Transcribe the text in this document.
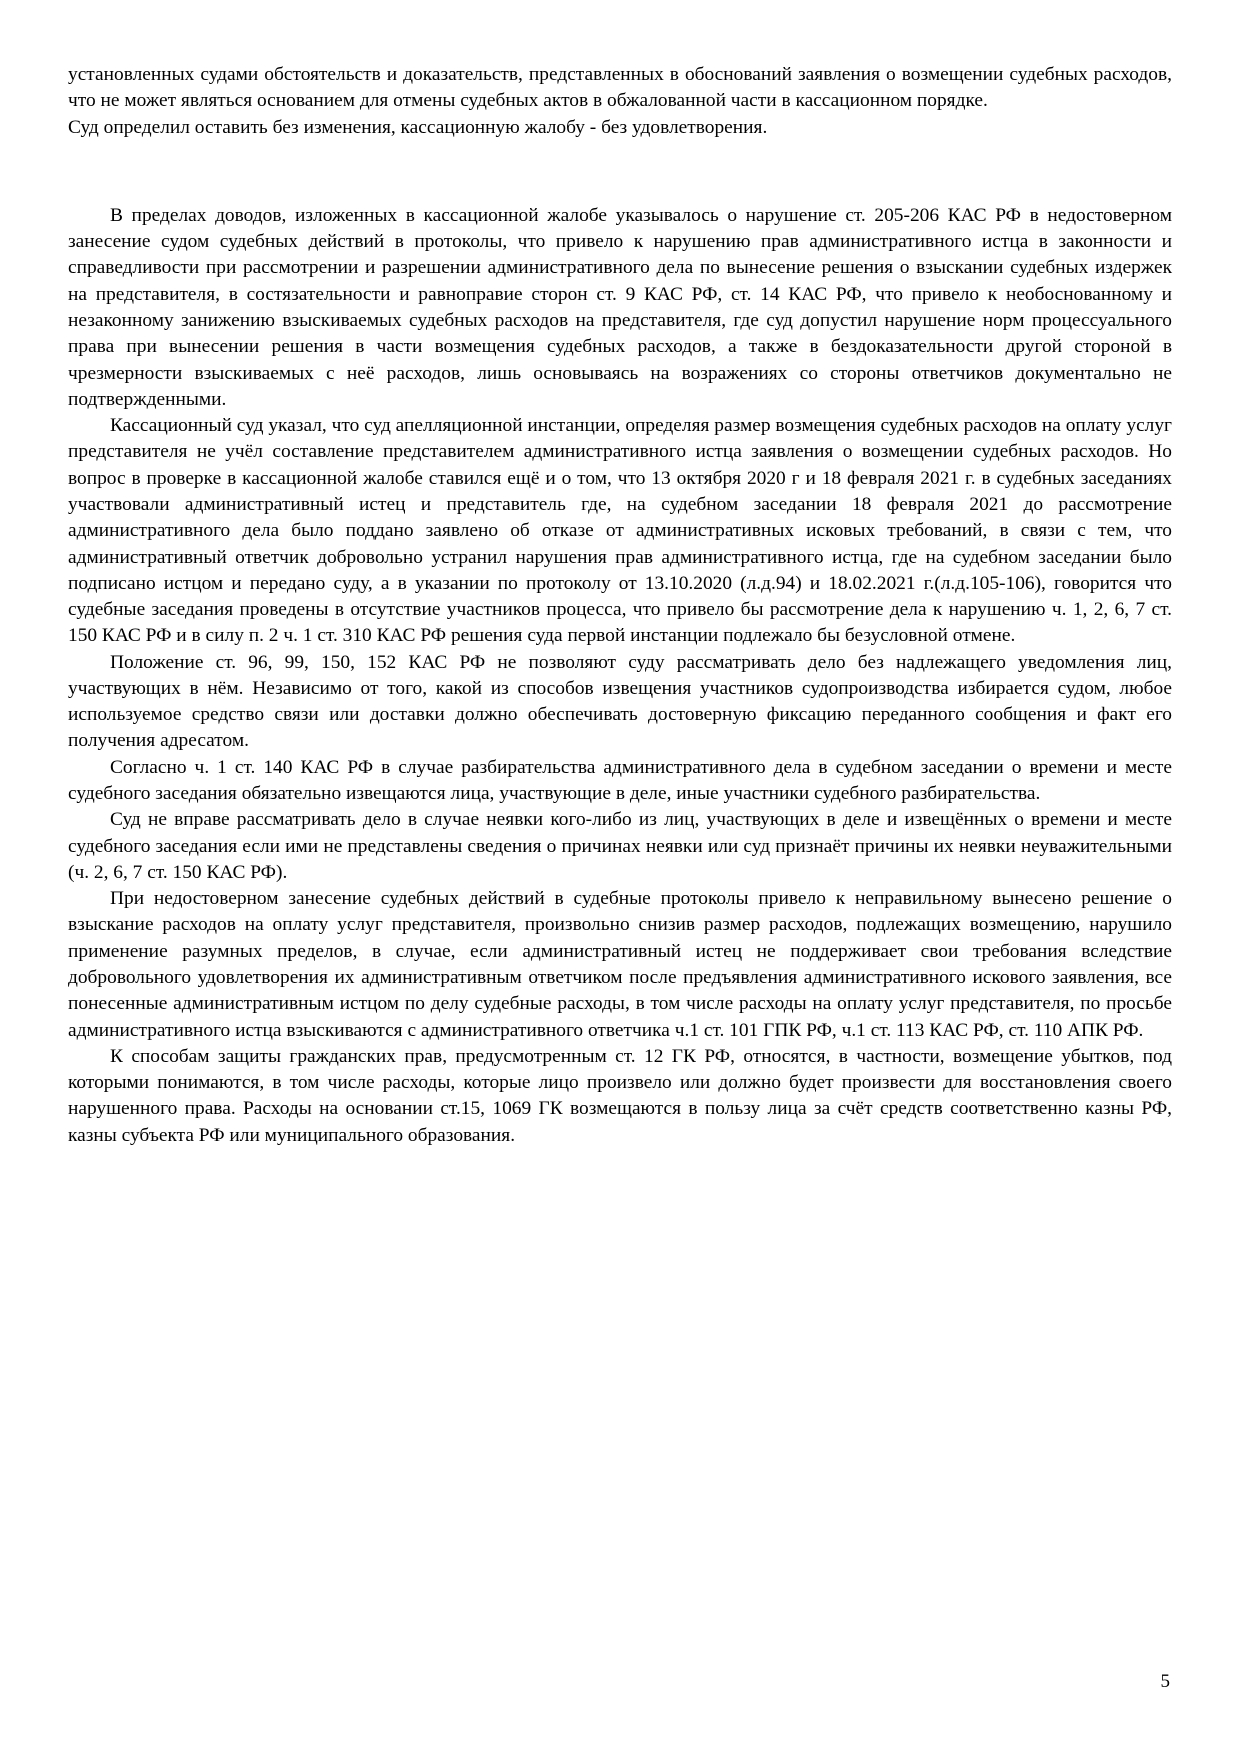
установленных судами обстоятельств и доказательств, представленных в обоснований заявления о возмещении судебных расходов, что не может являться основанием для отмены судебных актов в обжалованной части в кассационном порядке.

Суд определил оставить без изменения, кассационную жалобу - без удовлетворения.

В пределах доводов, изложенных в кассационной жалобе указывалось о нарушение ст. 205-206 КАС РФ в недостоверном занесение судом судебных действий в протоколы, что привело к нарушению прав административного истца в законности и справедливости при рассмотрении и разрешении административного дела по вынесение решения о взыскании судебных издержек на представителя, в состязательности и равноправие сторон ст. 9 КАС РФ, ст. 14 КАС РФ, что привело к необоснованному и незаконному занижению взыскиваемых судебных расходов на представителя, где суд допустил нарушение норм процессуального права при вынесении решения в части возмещения судебных расходов, а также в бездоказательности другой стороной в чрезмерности взыскиваемых с неё расходов, лишь основываясь на возражениях со стороны ответчиков документально не подтвержденными.

Кассационный суд указал, что суд апелляционной инстанции, определяя размер возмещения судебных расходов на оплату услуг представителя не учёл составление представителем административного истца заявления о возмещении судебных расходов. Но вопрос в проверке в кассационной жалобе ставился ещё и о том, что 13 октября 2020 г и 18 февраля 2021 г. в судебных заседаниях участвовали административный истец и представитель где, на судебном заседании 18 февраля 2021 до рассмотрение административного дела было поддано заявлено об отказе от административных исковых требований, в связи с тем, что административный ответчик добровольно устранил нарушения прав административного истца, где на судебном заседании было подписано истцом и передано суду, а в указании по протоколу от 13.10.2020 (л.д.94) и 18.02.2021 г.(л.д.105-106), говорится что судебные заседания проведены в отсутствие участников процесса, что привело бы рассмотрение дела к нарушению ч. 1, 2, 6, 7 ст. 150 КАС РФ и в силу п. 2 ч. 1 ст. 310 КАС РФ решения суда первой инстанции подлежало бы безусловной отмене.

Положение ст. 96, 99, 150, 152 КАС РФ не позволяют суду рассматривать дело без надлежащего уведомления лиц, участвующих в нём. Независимо от того, какой из способов извещения участников судопроизводства избирается судом, любое используемое средство связи или доставки должно обеспечивать достоверную фиксацию переданного сообщения и факт его получения адресатом.

Согласно ч. 1 ст. 140 КАС РФ в случае разбирательства административного дела в судебном заседании о времени и месте судебного заседания обязательно извещаются лица, участвующие в деле, иные участники судебного разбирательства.

Суд не вправе рассматривать дело в случае неявки кого-либо из лиц, участвующих в деле и извещённых о времени и месте судебного заседания если ими не представлены сведения о причинах неявки или суд признаёт причины их неявки неуважительными (ч. 2, 6, 7 ст. 150 КАС РФ).

При недостоверном занесение судебных действий в судебные протоколы привело к неправильному вынесено решение о взыскание расходов на оплату услуг представителя, произвольно снизив размер расходов, подлежащих возмещению, нарушило применение разумных пределов, в случае, если административный истец не поддерживает свои требования вследствие добровольного удовлетворения их административным ответчиком после предъявления административного искового заявления, все понесенные административным истцом по делу судебные расходы, в том числе расходы на оплату услуг представителя, по просьбе административного истца взыскиваются с административного ответчика ч.1 ст. 101 ГПК РФ, ч.1 ст. 113 КАС РФ, ст. 110 АПК РФ.

К способам защиты гражданских прав, предусмотренным ст. 12 ГК РФ, относятся, в частности, возмещение убытков, под которыми понимаются, в том числе расходы, которые лицо произвело или должно будет произвести для восстановления своего нарушенного права. Расходы на основании ст.15, 1069 ГК возмещаются в пользу лица за счёт средств соответственно казны РФ, казны субъекта РФ или муниципального образования.

5
